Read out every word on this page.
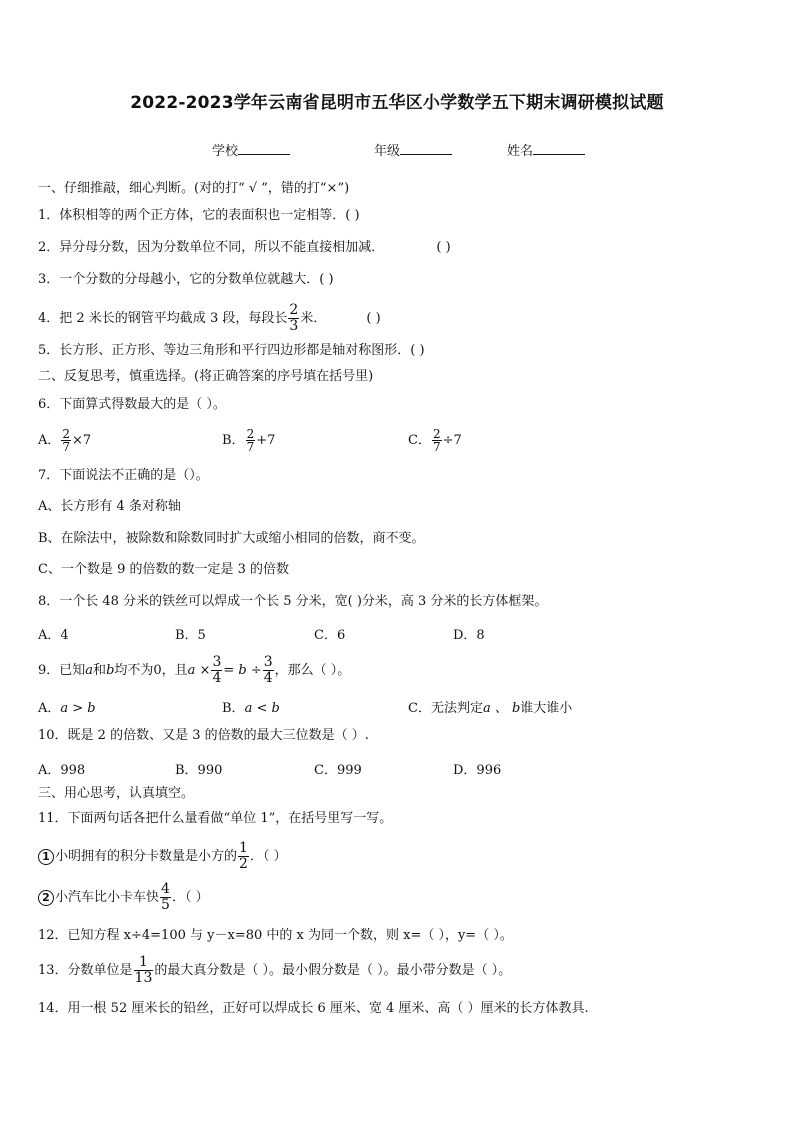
2022-2023学年云南省昆明市五华区小学数学五下期末调研模拟试题
学校	年级	姓名
一、仔细推敲，细心判断。(对的打“ √ ”，错的打“×”)
1．体积相等的两个正方体，它的表面积也一定相等．( )
2．异分母分数，因为分数单位不同，所以不能直接相加减．	( )
3．一个分数的分母越小，它的分数单位就越大．( )
4．把 2 米长的钢管平均截成 3 段，每段长 $\frac{2}{3}$ 米．	( )
5．长方形、正方形、等边三角形和平行四边形都是轴对称图形．( )
二、反复思考，慎重选择。(将正确答案的序号填在括号里)
6．下面算式得数最大的是（ ）。
A． $\frac{2}{7} \times 7$	B． $\frac{2}{7} +7$	C． $\frac{2}{7} \div 7$
7．下面说法不正确的是（）。
A、长方形有 4 条对称轴
B、在除法中，被除数和除数同时扩大或缩小相同的倍数，商不变。
C、一个数是 9 的倍数的数一定是 3 的倍数
8．一个长 48 分米的铁丝可以焊成一个长 5 分米，宽( )分米，高 3 分米的长方体框架。
A．4	B．5	C．6	D．8
9．已知a和b均不为0，且$a \times \frac{3}{4} = b \div \frac{3}{4}$ ，那么（ ）。
A．a > b	B．a < b	C．无法判定a 、 b谁大谁小
10．既是 2 的倍数、又是 3 的倍数的最大三位数是（ ）.
A．998	B．990	C．999	D．996
三、用心思考，认真填空。
11．下面两句话各把什么量看做“单位 1”，在括号里写一写。
1 小明拥有的积分卡数量是小方的 $\frac{1}{2}$ ．（ ）
2 小汽车比小卡车快 $\frac{4}{5}$ ．（ ）
12．已知方程 x÷4=100 与 y－x=80 中的 x 为同一个数，则 x=（ ），y=（ ）。
13．分数单位是 $\frac{1}{13}$ 的最大真分数是（ ）。最小假分数是（ ）。最小带分数是（ ）。
14．用一根 52 厘米长的铅丝，正好可以焊成长 6 厘米、宽 4 厘米、高（ ）厘米的长方体教具.
